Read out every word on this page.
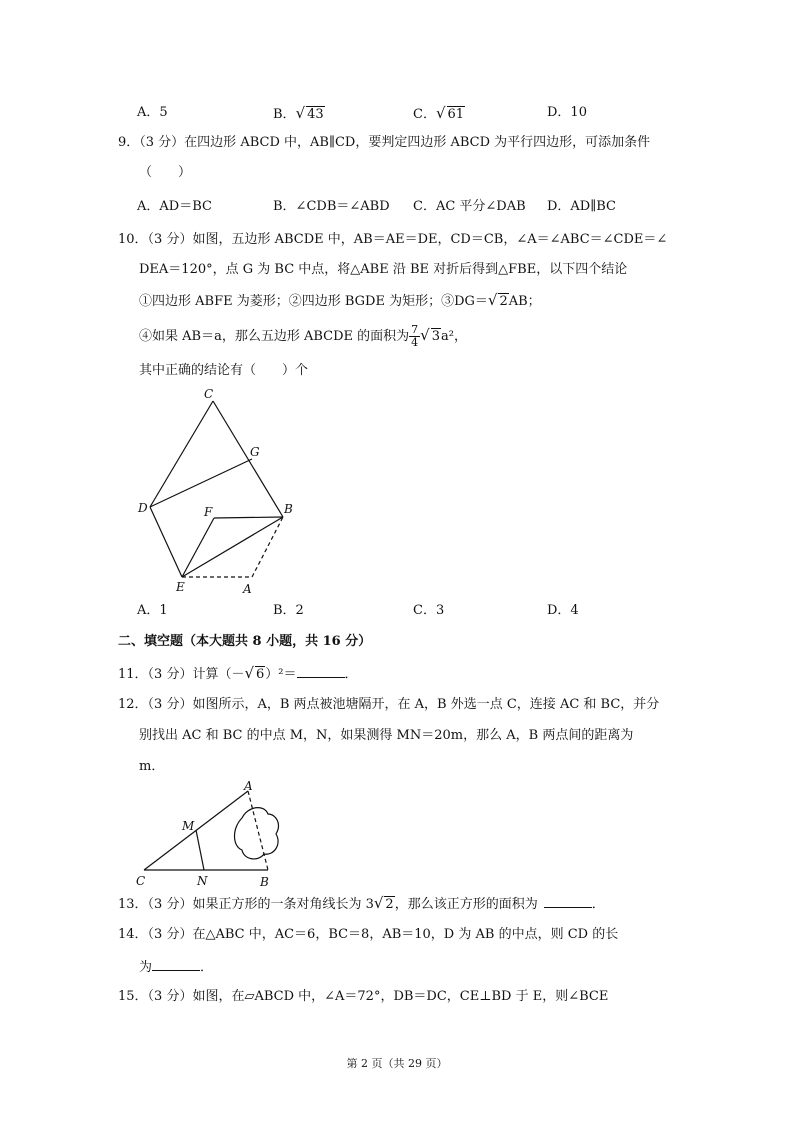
A．5	B．√ 43	C．√ 61	D．10
9．（3 分）在四边形 ABCD 中，AB∥CD，要判定四边形 ABCD 为平行四边形，可添加条件
（　　）
A．AD＝BC	B．∠CDB＝∠ABD C．AC 平分∠DAB D．AD∥BC
10．（3 分）如图，五边形 ABCDE 中，AB＝AE＝DE，CD＝CB，∠A＝∠ABC＝∠CDE＝∠
DEA＝120°，点 G 为 BC 中点，将△ABE 沿 BE 对折后得到△FBE，以下四个结论
①四边形 ABFE 为菱形；②四边形 BGDE 为矩形；③DG＝√ 2AB；
④如果 AB＝a，那么五边形 ABCDE 的面积为 $\frac{7}{4}$ √ 3a²，
其中正确的结论有（　　）个
C
G
D	F	B
E	A
A．1	B．2	C．3	D．4
二、填空题（本大题共 8 小题，共 16 分）
11．（3 分）计算（－√ 6）²＝	．
12．（3 分）如图所示，A，B 两点被池塘隔开，在 A，B 外选一点 C，连接 AC 和 BC，并分
别找出 AC 和 BC 的中点 M，N，如果测得 MN＝20m，那么 A，B 两点间的距离为
m．
A
M
C	N	B
13．（3 分）如果正方形的一条对角线长为 3√ 2，那么该正方形的面积为	．
14．（3 分）在△ABC 中，AC＝6，BC＝8，AB＝10，D 为 AB 的中点，则 CD 的长
为	．
15．（3 分）如图，在▱ABCD 中，∠A＝72°，DB＝DC，CE⊥BD 于 E，则∠BCE
第 2 页（共 29 页）
